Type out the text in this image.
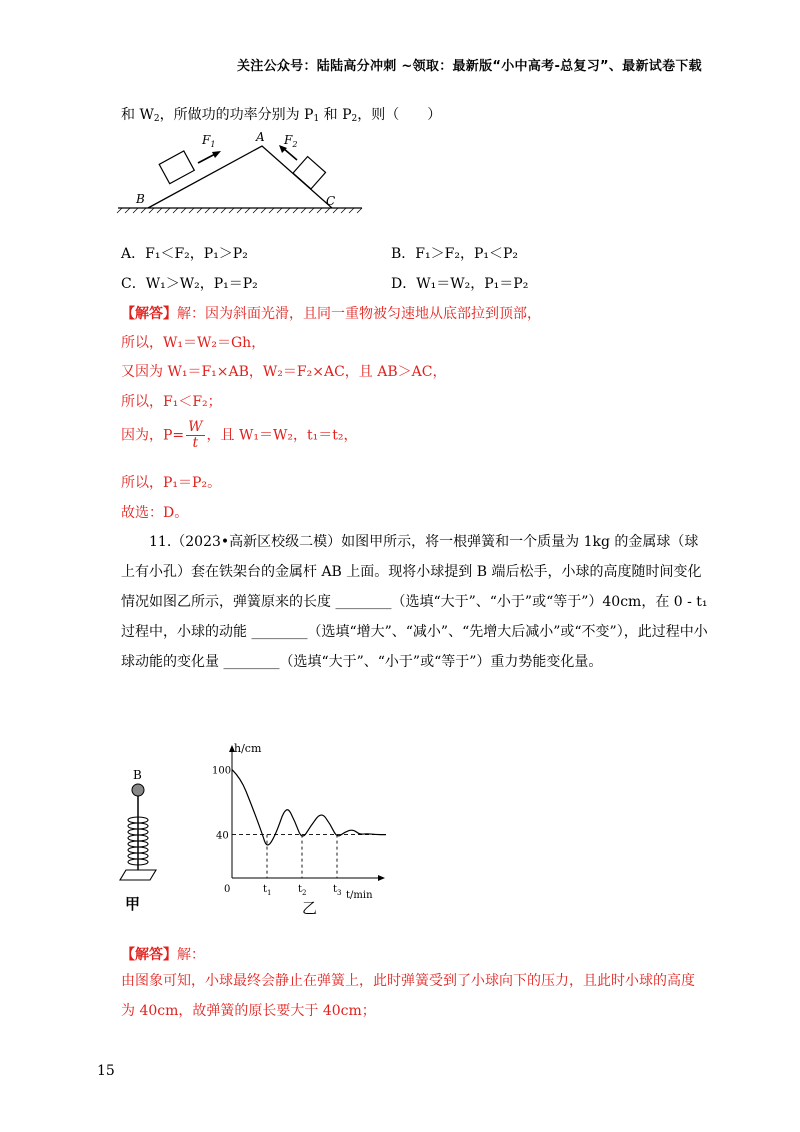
关注公众号：陆陆高分冲刺 ~领取：最新版“小中高考-总复习”、最新试卷下载
和 $W_2$，所做功的功率分别为 $P_1$ 和 $P_2$，则（　　）
$F_1$
A $F_2$
B	C
A．F₁＜F₂，P₁＞P₂	B．F₁＞F₂，P₁＜P₂
C．W₁＞W₂，P₁＝P₂	D．W₁＝W₂，P₁＝P₂
【解答】解：因为斜面光滑，且同一重物被匀速地从底部拉到顶部，
所以，W₁＝W₂＝Gh，
又因为 W₁＝F₁×AB，W₂＝F₂×AC，且 AB＞AC，
所以，F₁＜F₂；
因为，$P= \frac{W}{t}$ ，且 W₁＝W₂，t₁＝t₂，
所以，P₁＝P₂。
故选：D。
11.（2023•高新区校级二模）如图甲所示，将一根弹簧和一个质量为 1kg 的金属球（球上有小孔）套在铁架台的金属杆 AB 上面。现将小球提到 B 端后松手，小球的高度随时间变化情况如图乙所示，弹簧原来的长度 ________（选填“大于”、“小于”或“等于”）40cm，在 0 - t₁ 过程中，小球的动能 ________（选填“增大”、“减小”、“先增大后减小”或“不变”），此过程中小球动能的变化量 ________（选填“大于”、“小于”或“等于”）重力势能变化量。
B
甲
h/cm
t/min
0
100
40
$t_1$	$t_2$	$t_3$
乙
【解答】解：
由图象可知，小球最终会静止在弹簧上，此时弹簧受到了小球向下的压力，且此时小球的高度为 40cm，故弹簧的原长要大于 40cm；
15
